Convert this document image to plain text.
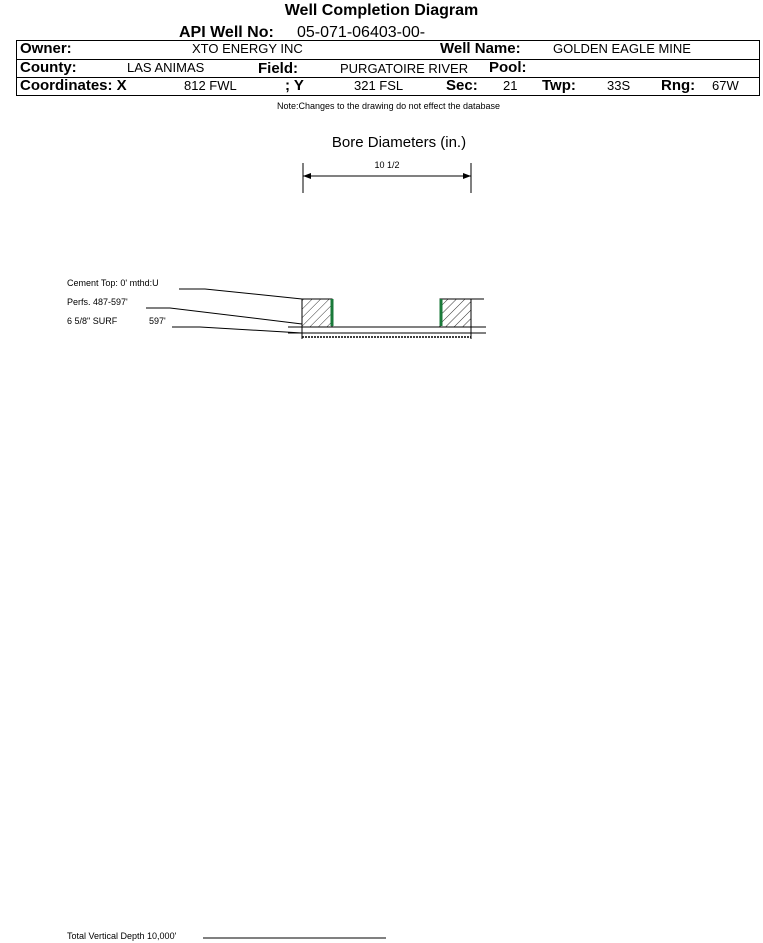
Well Completion Diagram
API Well No: 05-071-06403-00-
Owner:	XTO ENERGY INC	Well Name: GOLDEN EAGLE MINE
County:	LAS ANIMAS	Field:	PURGATOIRE RIVER Pool:
Coordinates: X	812 FWL	; Y	321 FSL	Sec: 21 Twp: 33S Rng: 67W
Note:Changes to the drawing do not effect the database
Bore Diameters (in.)
10 1/2
Cement Top: 0' mthd:U
Perfs. 487-597'
6 5/8" SURF	597'
Total Vertical Depth 10,000'
